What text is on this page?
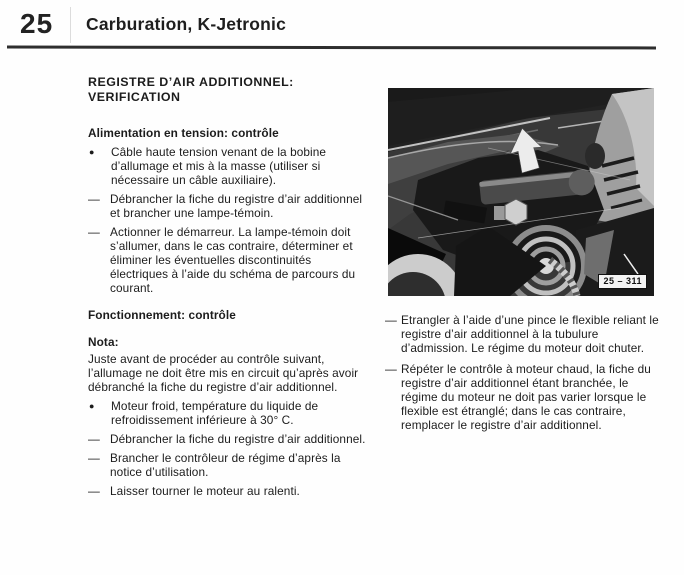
25 Carburation, K-Jetronic
REGISTRE D’AIR ADDITIONNEL:
VERIFICATION
Alimentation en tension: contrôle
●	Câble haute tension venant de la bobine d’allumage et mis à la masse (utiliser si nécessaire un câble auxiliaire).
— Débrancher la fiche du registre d’air additionnel et brancher une lampe-témoin.
— Actionner le démarreur. La lampe-témoin doit s’allumer, dans le cas contraire, déterminer et éliminer les éventuelles discontinuités électriques à l’aide du schéma de parcours du courant.
Fonctionnement: contrôle
Nota:

Juste avant de procéder au contrôle suivant, l’allumage ne doit être mis en circuit qu’après avoir débranché la fiche du registre d’air additionnel.

●	Moteur froid, température du liquide de refroidissement inférieure à 30° C.
— Débrancher la fiche du registre d’air additionnel.
— Brancher le contrôleur de régime d’après la notice d’utilisation.
— Laisser tourner le moteur au ralenti.
25 – 311
— Etrangler à l’aide d’une pince le flexible reliant le registre d’air additionnel à la tubulure d’admission. Le régime du moteur doit chuter.
— Répéter le contrôle à moteur chaud, la fiche du registre d’air additionnel étant branchée, le régime du moteur ne doit pas varier lorsque le flexible est étranglé; dans le cas contraire, remplacer le registre d’air additionnel.
